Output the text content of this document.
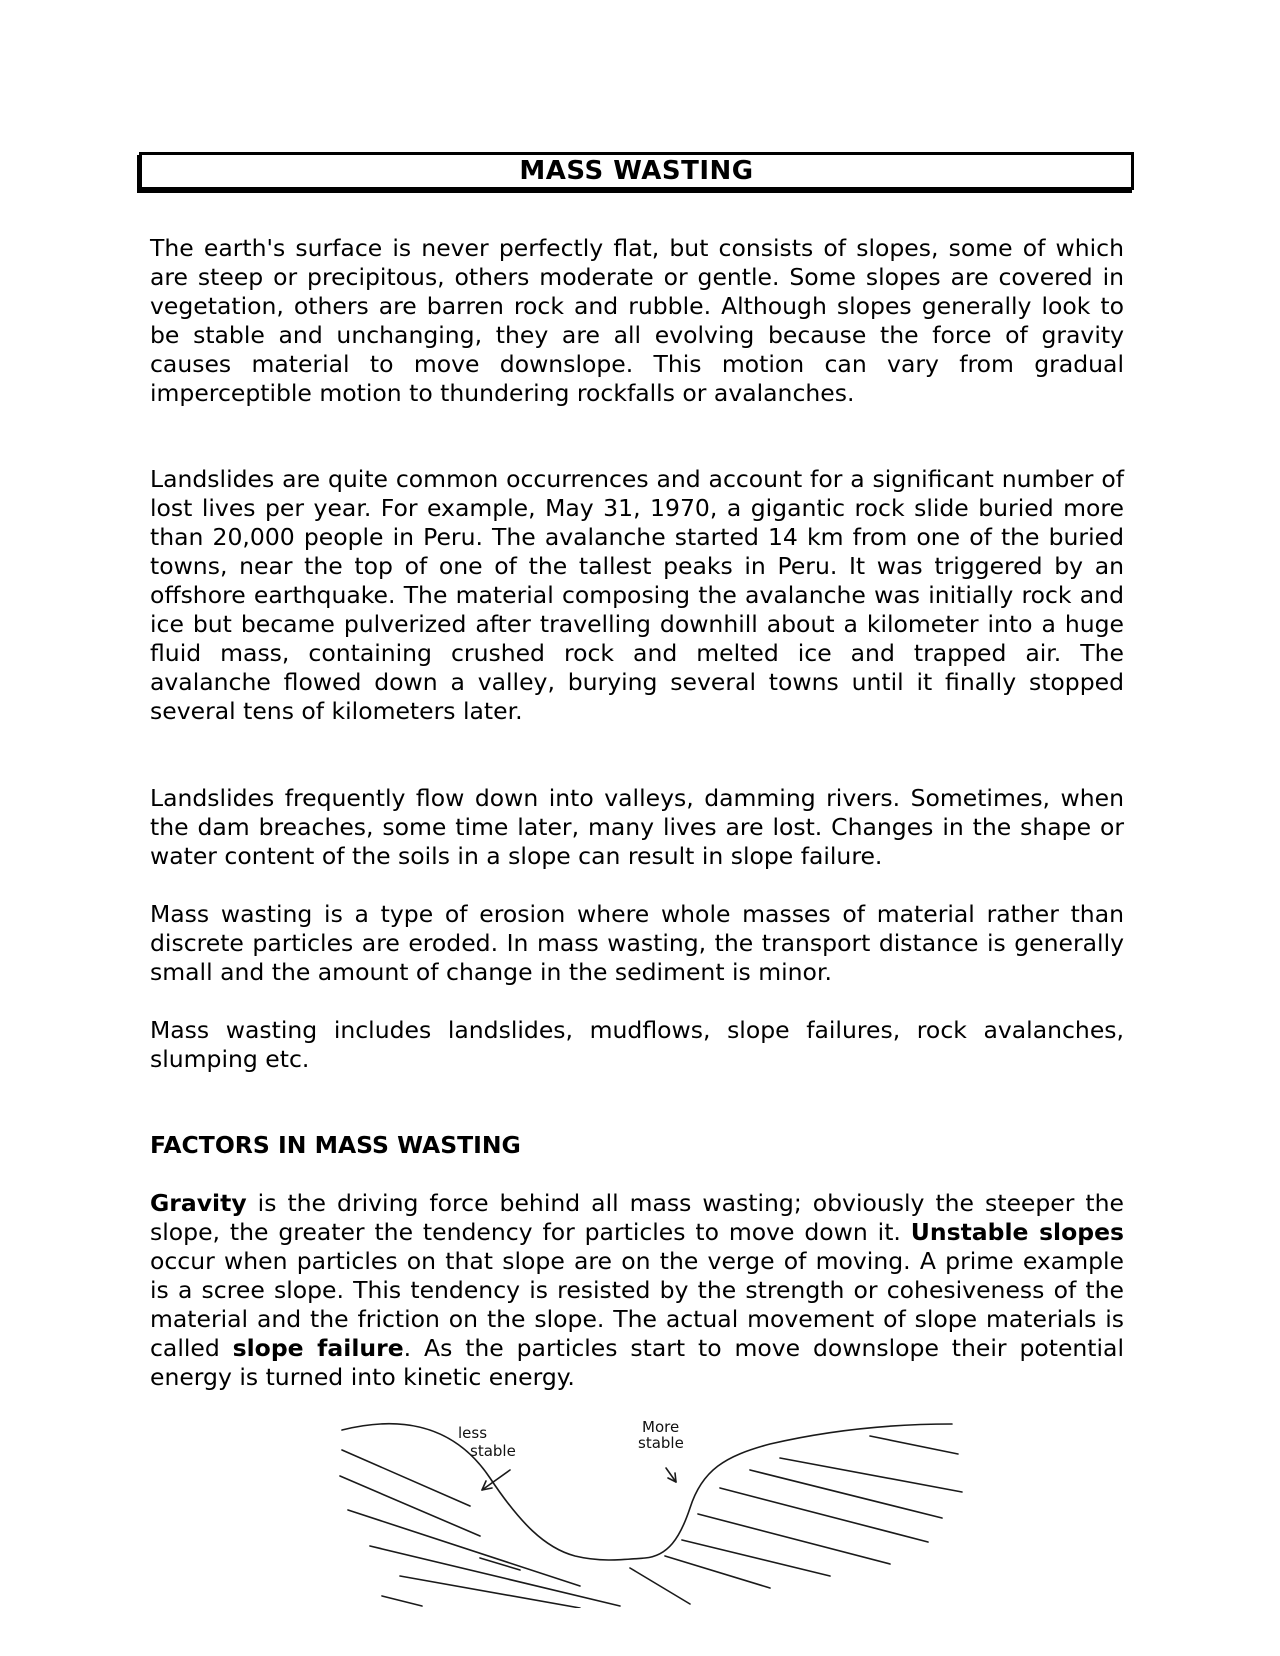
MASS WASTING

The earth's surface is never perfectly flat, but consists of slopes, some of which are steep or precipitous, others moderate or gentle. Some slopes are covered in vegetation, others are barren rock and rubble. Although slopes generally look to be stable and unchanging, they are all evolving because the force of gravity causes material to move downslope. This motion can vary from gradual imperceptible motion to thundering rockfalls or avalanches.

Landslides are quite common occurrences and account for a significant number of lost lives per year. For example, May 31, 1970, a gigantic rock slide buried more than 20,000 people in Peru. The avalanche started 14 km from one of the buried towns, near the top of one of the tallest peaks in Peru. It was triggered by an offshore earthquake. The material composing the avalanche was initially rock and ice but became pulverized after travelling downhill about a kilometer into a huge fluid mass, containing crushed rock and melted ice and trapped air. The avalanche flowed down a valley, burying several towns until it finally stopped several tens of kilometers later.

Landslides frequently flow down into valleys, damming rivers. Sometimes, when the dam breaches, some time later, many lives are lost. Changes in the shape or water content of the soils in a slope can result in slope failure.

Mass wasting is a type of erosion where whole masses of material rather than discrete particles are eroded. In mass wasting, the transport distance is generally small and the amount of change in the sediment is minor.

Mass wasting includes landslides, mudflows, slope failures, rock avalanches, slumping etc.

FACTORS IN MASS WASTING

Gravity is the driving force behind all mass wasting; obviously the steeper the slope, the greater the tendency for particles to move down it. Unstable slopes occur when particles on that slope are on the verge of moving. A prime example is a scree slope. This tendency is resisted by the strength or cohesiveness of the material and the friction on the slope. The actual movement of slope materials is called slope failure. As the particles start to move downslope their potential energy is turned into kinetic energy.

less
stable
More
stable
